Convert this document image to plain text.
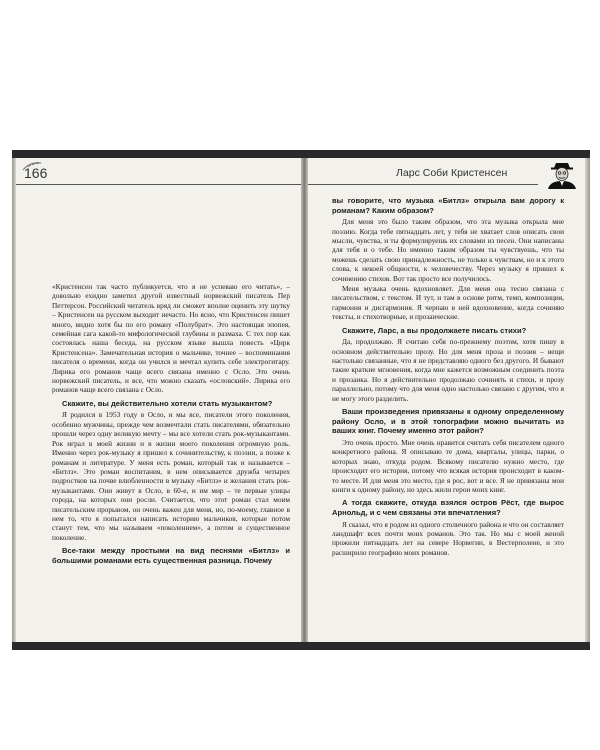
166

«Кристенсен так часто публикуется, что я не успеваю его читать», – довольно ехидно заметил другой известный норвежский писатель Пер Петтерсон. Российский читатель вряд ли сможет вполне оценить эту шутку – Кристенсен на русском выходит нечасто. Но ясно, что Кристенсен пишет много, видно хотя бы по его роману «Полубрат». Это настоящая эпопея, семейная сага какой-то мифологической глубины и размаха. С тех пор как состоялась наша беседа, на русском языке вышла повесть «Цирк Кристенсена». Замечательная история о мальчике, точнее – воспоминания писателя о времени, когда он учился и мечтал купить себе электрогитару. Лирика его романов чаще всего связана именно с Осло. Это очень норвежский писатель, и все, что можно сказать «ословский». Лирика его романов чаще всего связана с Осло.

Скажите, вы действительно хотели стать музыкантом?

Я родился в 1953 году в Осло, и мы все, писатели этого поколения, особенно мужчины, прежде чем возмечтали стать писателями, обязательно прошли через одну великую мечту – мы все хотели стать рок-музыкантами. Рок играл в моей жизни и в жизни моего поколения огромную роль. Именно через рок-музыку я пришел к сочинительству, к поэзии, а позже к романам и литературе. У меня есть роман, который так и называется – «Битлз». Это роман воспитания, в нем описывается дружба четырех подростков на почве влюбленности в музыку «Битлз» и желания стать рок-музыкантами. Они живут в Осло, в 60-е, и им мир – те первые улицы города, на которых они росли. Считается, что этот роман стал моим писательским прорывом, он очень важен для меня, но, по-моему, главное в нем то, что я попытался написать историю мальчиков, которые потом станут тем, что мы называем «поколением», а потом и существенное поколение.

Все-таки между простыми на вид песнями «Битлз» и большими романами есть существенная разница. Почему

Ларс Соби Кристенсен

вы говорите, что музыка «Битлз» открыла вам дорогу к романам? Каким образом?

Для меня это было таким образом, что эта музыка открыла мне поэзию. Когда тебе пятнадцать лет, у тебя не хватает слов описать свои мысли, чувства, и ты формулируешь их словами из песен. Они написаны для тебя и о тебе. Но именно таким образом ты чувствуешь, что ты можешь сделать свою принадлежность, не только к чувствам, но и к этого слова, к некоей общности, к человечеству. Через музыку я пришел к сочинению стихов. Вот так просто все получилось.

Меня музыка очень вдохновляет. Для меня она тесно связана с писательством, с текстом. И тут, и там в основе ритм, темп, композиция, гармония и дисгармония. Я черпаю в ней вдохновение, когда сочиняю тексты, и стихотворные, и прозаические.

Скажите, Ларс, а вы продолжаете писать стихи?

Да, продолжаю. Я считаю себя по-прежнему поэтом, хотя пишу в основном действительно прозу. Но для меня проза и поэзия – вещи настолько связанные, что я не представляю одного без другого. И бывают такие краткие мгновения, когда мне кажется возможным соединить поэта и прозаика. Но я действительно продолжаю сочинять и стихи, и прозу параллельно, потому что для меня одно настолько связано с другим, что я не могу этого разделить.

Ваши произведения привязаны к одному определенному району Осло, и в этой топографии можно вычитать из ваших книг. Почему именно этот район?

Это очень просто. Мне очень нравится считать себя писателем одного конкретного района. Я описываю те дома, кварталы, улицы, парки, о которых знаю, откуда родом. Всякому писателю нужно место, где происходит его история, потому что всякая история происходит в каком-то месте. И для меня это место, где я рос, вот и все. Я не привязаны мои книги к одному району, но здесь жили герои моих книг.

А тогда скажите, откуда взялся остров Рёст, где вырос Арнольд, и с чем связаны эти впечатления?

Я сказал, что я родом из одного столичного района и что он составляет ландшафт всех почти моих романов. Это так. Но мы с моей женой прожили пятнадцать лет на севере Норвегии, в Вестерполене, и это расширило географию моих романов.
